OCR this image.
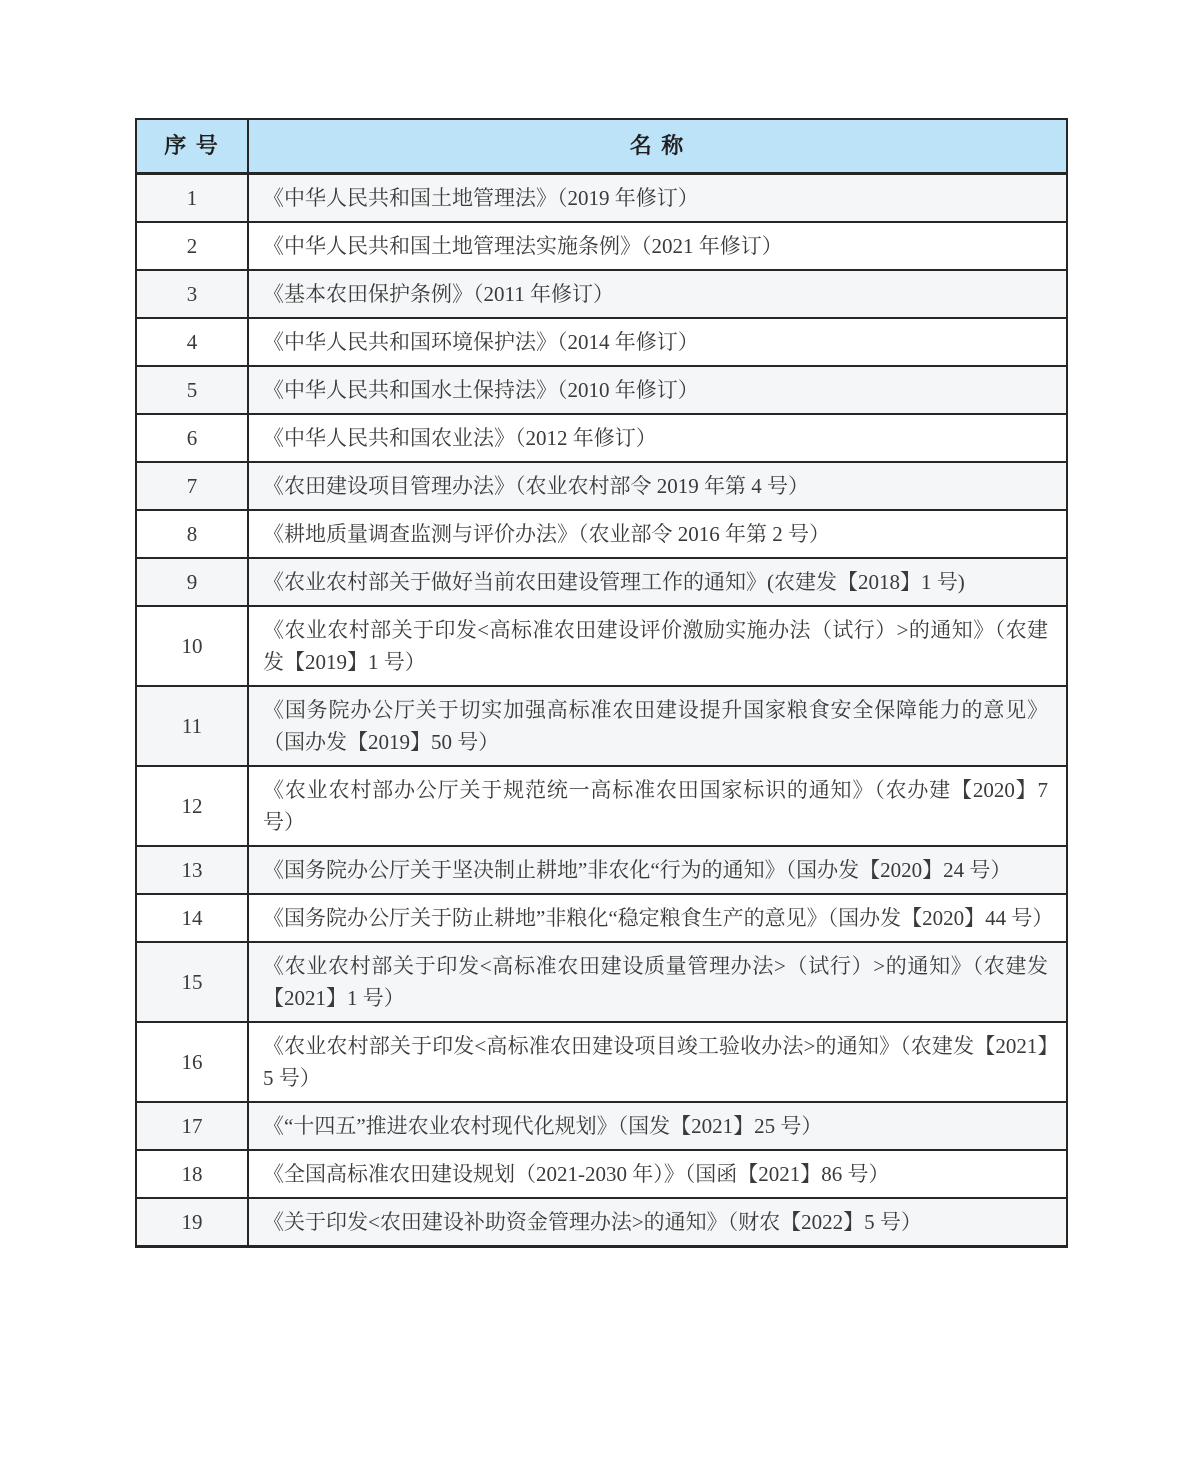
序 号	名 称
1	《中华人民共和国土地管理法》（2019 年修订）
2	《中华人民共和国土地管理法实施条例》（2021 年修订）
3	《基本农田保护条例》（2011 年修订）
4	《中华人民共和国环境保护法》（2014 年修订）
5	《中华人民共和国水土保持法》（2010 年修订）
6	《中华人民共和国农业法》（2012 年修订）
7	《农田建设项目管理办法》（农业农村部令 2019 年第 4 号）
8	《耕地质量调查监测与评价办法》（农业部令 2016 年第 2 号）
9	《农业农村部关于做好当前农田建设管理工作的通知》(农建发【2018】1 号)
10	《农业农村部关于印发<高标准农田建设评价激励实施办法（试行）>的通知》（农建发【2019】1 号）
11	《国务院办公厅关于切实加强高标准农田建设提升国家粮食安全保障能力的意见》（国办发【2019】50 号）
12	《农业农村部办公厅关于规范统一高标准农田国家标识的通知》（农办建【2020】7 号）
13	《国务院办公厅关于坚决制止耕地”非农化“行为的通知》（国办发【2020】24 号）
14	《国务院办公厅关于防止耕地”非粮化“稳定粮食生产的意见》（国办发【2020】44 号）
15	《农业农村部关于印发<高标准农田建设质量管理办法>（试行）>的通知》（农建发【2021】1 号）
16	《农业农村部关于印发<高标准农田建设项目竣工验收办法>的通知》（农建发【2021】5 号）
17	《“十四五”推进农业农村现代化规划》（国发【2021】25 号）
18	《全国高标准农田建设规划（2021-2030 年）》（国函【2021】86 号）
19	《关于印发<农田建设补助资金管理办法>的通知》（财农【2022】5 号）
